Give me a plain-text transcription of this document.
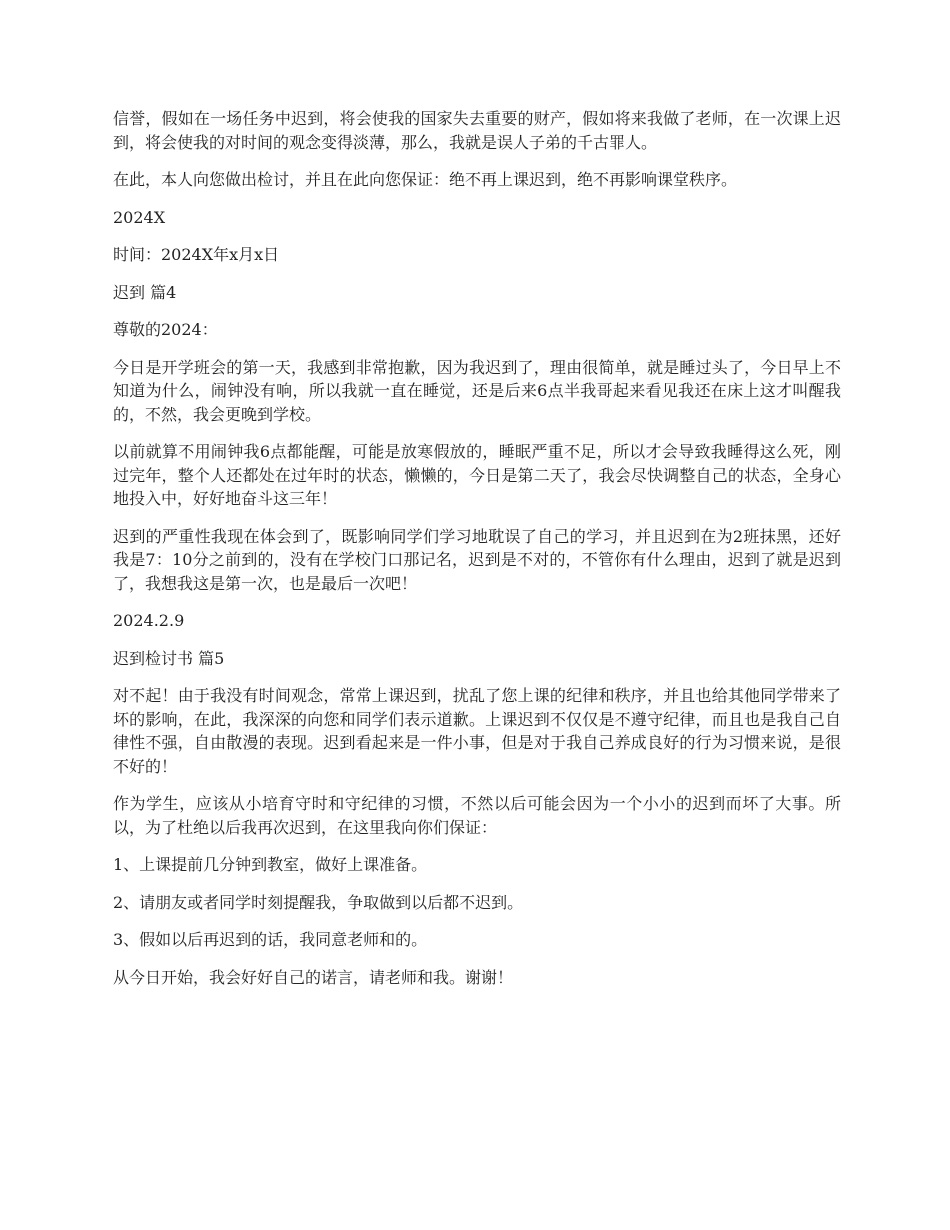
信誉，假如在一场任务中迟到，将会使我的国家失去重要的财产，假如将来我做了老师，在一次课上迟到，将会使我的对时间的观念变得淡薄，那么，我就是误人子弟的千古罪人。

在此，本人向您做出检讨，并且在此向您保证：绝不再上课迟到，绝不再影响课堂秩序。

2024X

时间：2024X年x月x日

迟到 篇4

尊敬的2024：

今日是开学班会的第一天，我感到非常抱歉，因为我迟到了，理由很简单，就是睡过头了，今日早上不知道为什么，闹钟没有响，所以我就一直在睡觉，还是后来6点半我哥起来看见我还在床上这才叫醒我的，不然，我会更晚到学校。

以前就算不用闹钟我6点都能醒，可能是放寒假放的，睡眠严重不足，所以才会导致我睡得这么死，刚过完年，整个人还都处在过年时的状态，懒懒的，今日是第二天了，我会尽快调整自己的状态，全身心地投入中，好好地奋斗这三年！

迟到的严重性我现在体会到了，既影响同学们学习地耽误了自己的学习，并且迟到在为2班抹黑，还好我是7：10分之前到的，没有在学校门口那记名，迟到是不对的，不管你有什么理由，迟到了就是迟到了，我想我这是第一次，也是最后一次吧！

2024.2.9

迟到检讨书 篇5

对不起！由于我没有时间观念，常常上课迟到，扰乱了您上课的纪律和秩序，并且也给其他同学带来了坏的影响，在此，我深深的向您和同学们表示道歉。上课迟到不仅仅是不遵守纪律，而且也是我自己自律性不强，自由散漫的表现。迟到看起来是一件小事，但是对于我自己养成良好的行为习惯来说，是很不好的！

作为学生，应该从小培育守时和守纪律的习惯，不然以后可能会因为一个小小的迟到而坏了大事。所以，为了杜绝以后我再次迟到，在这里我向你们保证：

1、上课提前几分钟到教室，做好上课准备。

2、请朋友或者同学时刻提醒我，争取做到以后都不迟到。

3、假如以后再迟到的话，我同意老师和的。

从今日开始，我会好好自己的诺言，请老师和我。谢谢！
